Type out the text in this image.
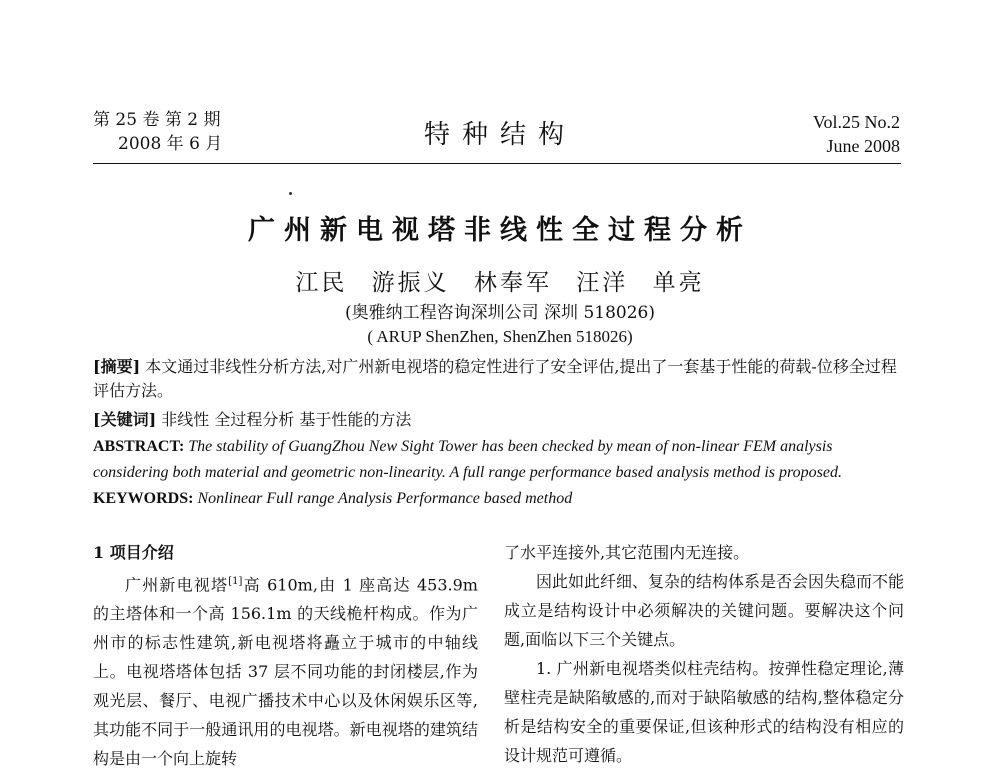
第 25 卷 第 2 期
2008 年 6 月	特种结构	Vol.25 No.2
June 2008
广州新电视塔非线性全过程分析
江民 游振义 林奉军 汪洋 单亮
(奥雅纳工程咨询深圳公司 深圳 518026)
( ARUP ShenZhen, ShenZhen 518026)
[摘要] 本文通过非线性分析方法,对广州新电视塔的稳定性进行了安全评估,提出了一套基于性能的荷载-位移全过程评估方法。
[关键词] 非线性 全过程分析 基于性能的方法
ABSTRACT: The stability of GuangZhou New Sight Tower has been checked by mean of non-linear FEM analysis considering both material and geometric non-linearity. A full range performance based analysis method is proposed.
KEYWORDS: Nonlinear Full range Analysis Performance based method
1 项目介绍
广州新电视塔[1]高 610m,由 1 座高达 453.9m 的主塔体和一个高 156.1m 的天线桅杆构成。作为广州市的标志性建筑,新电视塔将矗立于城市的中轴线上。电视塔塔体包括 37 层不同功能的封闭楼层,作为观光层、餐厅、电视广播技术中心以及休闲娱乐区等,其功能不同于一般通讯用的电视塔。新电视塔的建筑结构是由一个向上旋转
了水平连接外,其它范围内无连接。
因此如此纤细、复杂的结构体系是否会因失稳而不能成立是结构设计中必须解决的关键问题。要解决这个问题,面临以下三个关键点。
1. 广州新电视塔类似柱壳结构。按弹性稳定理论,薄壁柱壳是缺陷敏感的,而对于缺陷敏感的结构,整体稳定分析是结构安全的重要保证,但该种形式的结构没有相应的设计规范可遵循。
